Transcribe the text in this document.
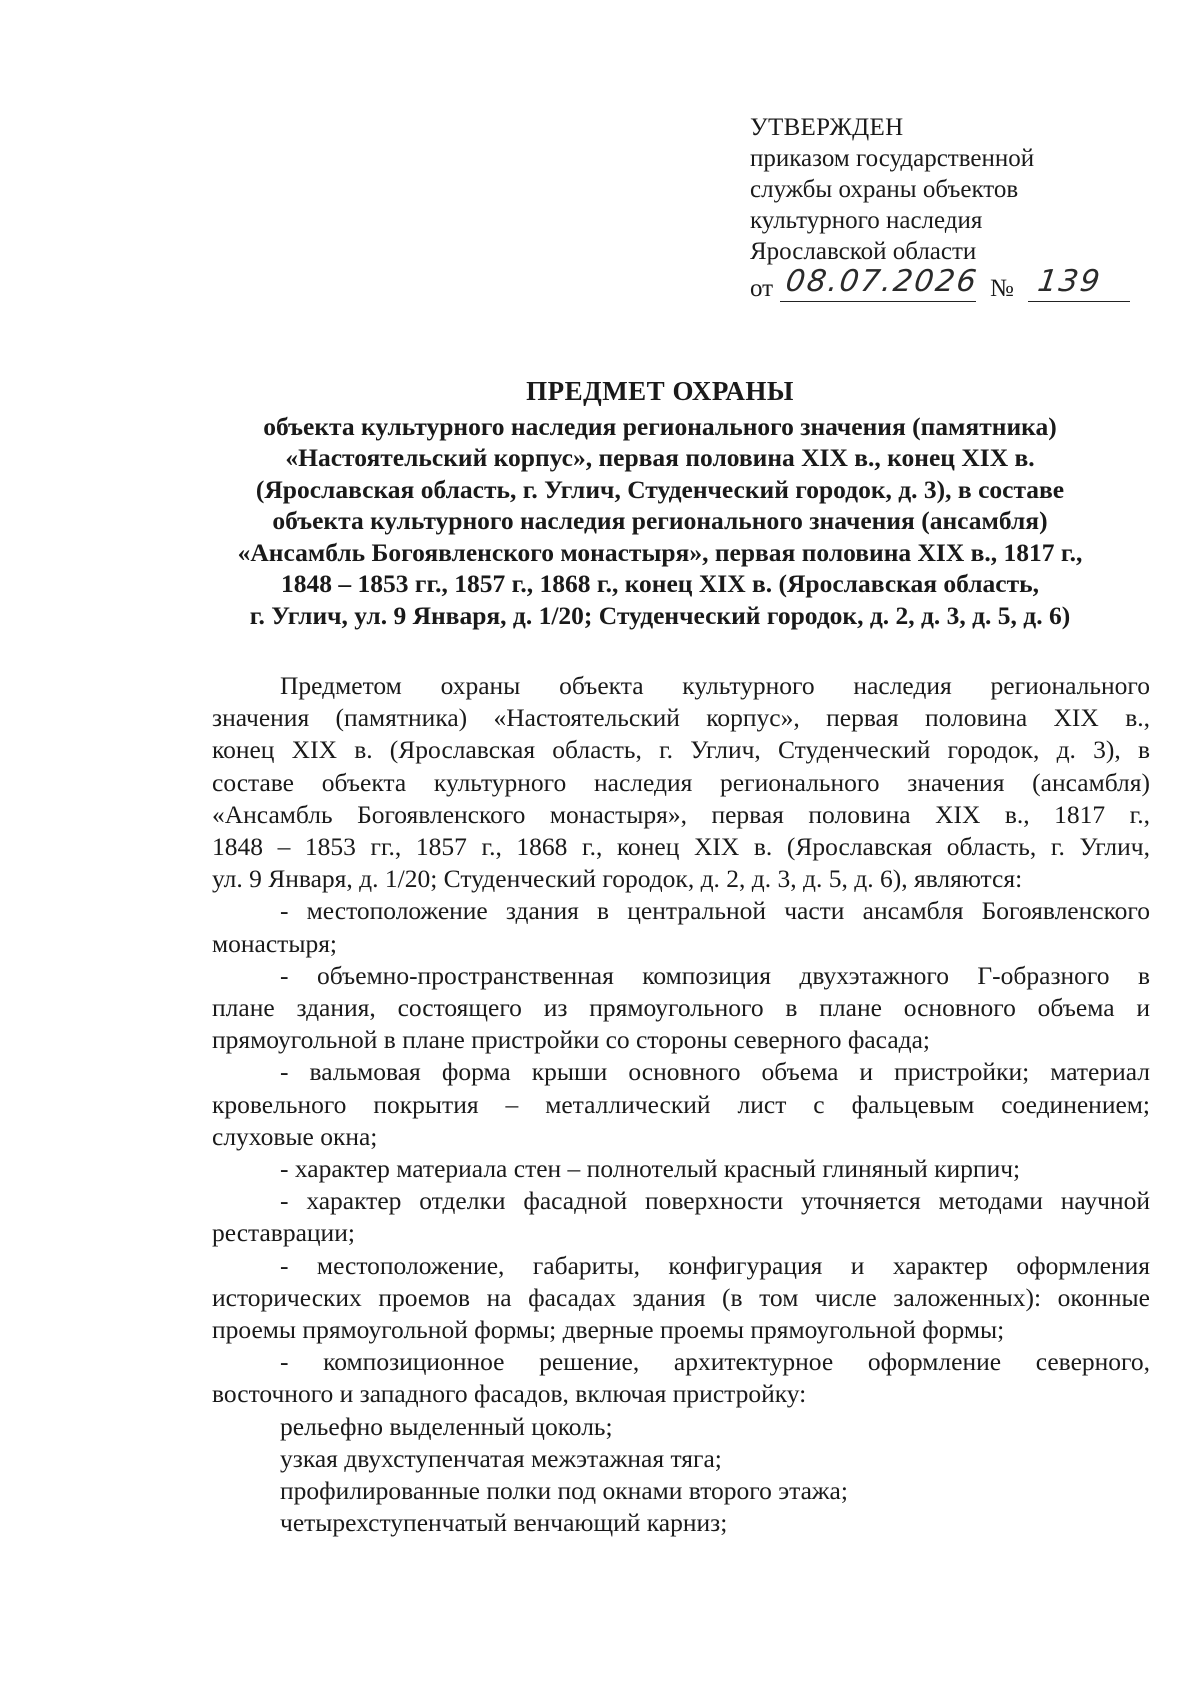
УТВЕРЖДЕН
приказом государственной
службы охраны объектов
культурного наследия
Ярославской области
от 08.07.2026 № 139
ПРЕДМЕТ ОХРАНЫ
объекта культурного наследия регионального значения (памятника)
«Настоятельский корпус», первая половина XIX в., конец XIX в.
(Ярославская область, г. Углич, Студенческий городок, д. 3), в составе
объекта культурного наследия регионального значения (ансамбля)
«Ансамбль Богоявленского монастыря», первая половина XIX в., 1817 г.,
1848 – 1853 гг., 1857 г., 1868 г., конец XIX в. (Ярославская область,
г. Углич, ул. 9 Января, д. 1/20; Студенческий городок, д. 2, д. 3, д. 5, д. 6)
Предметом охраны объекта культурного наследия регионального
значения (памятника) «Настоятельский корпус», первая половина XIX в.,
конец XIX в. (Ярославская область, г. Углич, Студенческий городок, д. 3), в
составе объекта культурного наследия регионального значения (ансамбля)
«Ансамбль Богоявленского монастыря», первая половина XIX в., 1817 г.,
1848 – 1853 гг., 1857 г., 1868 г., конец XIX в. (Ярославская область, г. Углич,
ул. 9 Января, д. 1/20; Студенческий городок, д. 2, д. 3, д. 5, д. 6), являются:
- местоположение здания в центральной части ансамбля Богоявленского
монастыря;
- объемно-пространственная композиция двухэтажного Г-образного в
плане здания, состоящего из прямоугольного в плане основного объема и
прямоугольной в плане пристройки со стороны северного фасада;
- вальмовая форма крыши основного объема и пристройки; материал
кровельного покрытия – металлический лист с фальцевым соединением;
слуховые окна;
- характер материала стен – полнотелый красный глиняный кирпич;
- характер отделки фасадной поверхности уточняется методами научной
реставрации;
- местоположение, габариты, конфигурация и характер оформления
исторических проемов на фасадах здания (в том числе заложенных): оконные
проемы прямоугольной формы; дверные проемы прямоугольной формы;
- композиционное решение, архитектурное оформление северного,
восточного и западного фасадов, включая пристройку:
рельефно выделенный цоколь;
узкая двухступенчатая межэтажная тяга;
профилированные полки под окнами второго этажа;
четырехступенчатый венчающий карниз;
